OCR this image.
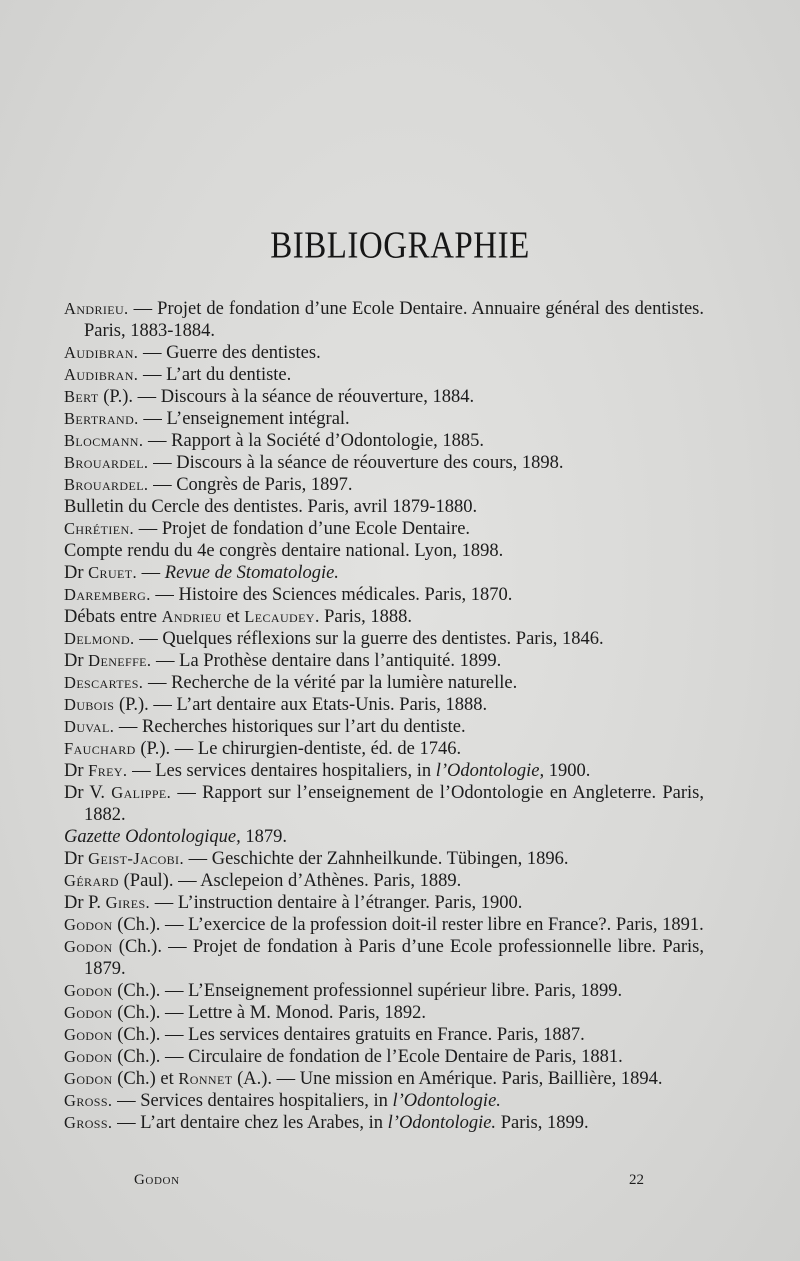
BIBLIOGRAPHIE
Andrieu. — Projet de fondation d’une Ecole Dentaire. Annuaire général des dentistes. Paris, 1883-1884.
Audibran. — Guerre des dentistes.
Audibran. — L’art du dentiste.
Bert (P.). — Discours à la séance de réouverture, 1884.
Bertrand. — L’enseignement intégral.
Blocmann. — Rapport à la Société d’Odontologie, 1885.
Brouardel. — Discours à la séance de réouverture des cours, 1898.
Brouardel. — Congrès de Paris, 1897.
Bulletin du Cercle des dentistes. Paris, avril 1879-1880.
Chrétien. — Projet de fondation d’une Ecole Dentaire.
Compte rendu du 4e congrès dentaire national. Lyon, 1898.
Dr Cruet. — Revue de Stomatologie.
Daremberg. — Histoire des Sciences médicales. Paris, 1870.
Débats entre Andrieu et Lecaudey. Paris, 1888.
Delmond. — Quelques réflexions sur la guerre des dentistes. Paris, 1846.
Dr Deneffe. — La Prothèse dentaire dans l’antiquité. 1899.
Descartes. — Recherche de la vérité par la lumière naturelle.
Dubois (P.). — L’art dentaire aux Etats-Unis. Paris, 1888.
Duval. — Recherches historiques sur l’art du dentiste.
Fauchard (P.). — Le chirurgien-dentiste, éd. de 1746.
Dr Frey. — Les services dentaires hospitaliers, in l’Odontologie, 1900.
Dr V. Galippe. — Rapport sur l’enseignement de l’Odontologie en Angleterre. Paris, 1882.
Gazette Odontologique, 1879.
Dr Geist-Jacobi. — Geschichte der Zahnheilkunde. Tübingen, 1896.
Gérard (Paul). — Asclepeion d’Athènes. Paris, 1889.
Dr P. Gires. — L’instruction dentaire à l’étranger. Paris, 1900.
Godon (Ch.). — L’exercice de la profession doit-il rester libre en France?. Paris, 1891.
Godon (Ch.). — Projet de fondation à Paris d’une Ecole professionnelle libre. Paris, 1879.
Godon (Ch.). — L’Enseignement professionnel supérieur libre. Paris, 1899.
Godon (Ch.). — Lettre à M. Monod. Paris, 1892.
Godon (Ch.). — Les services dentaires gratuits en France. Paris, 1887.
Godon (Ch.). — Circulaire de fondation de l’Ecole Dentaire de Paris, 1881.
Godon (Ch.) et Ronnet (A.). — Une mission en Amérique. Paris, Baillière, 1894.
Gross. — Services dentaires hospitaliers, in l’Odontologie.
Gross. — L’art dentaire chez les Arabes, in l’Odontologie. Paris, 1899.
Godon	22
